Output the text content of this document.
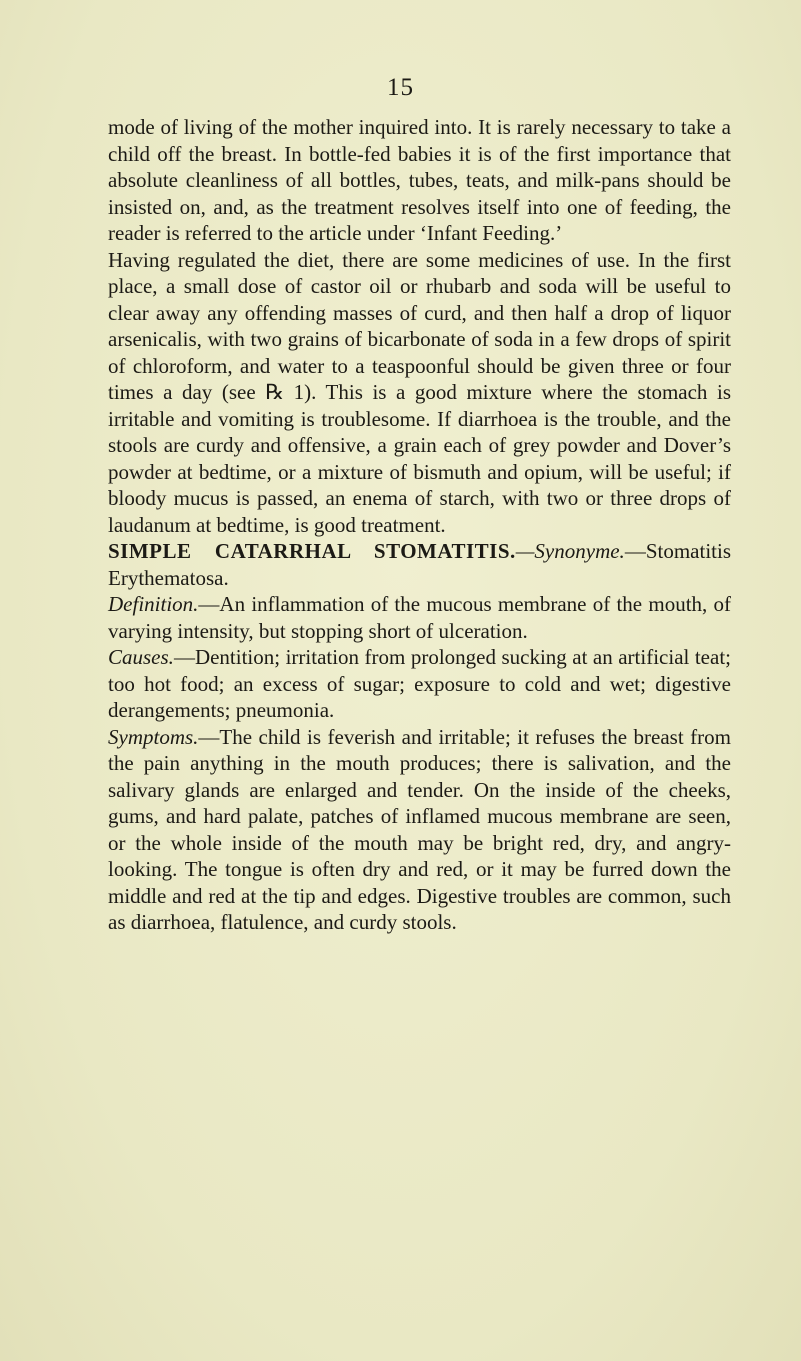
15

mode of living of the mother inquired into. It is rarely necessary to take a child off the breast. In bottle-fed babies it is of the first importance that absolute cleanliness of all bottles, tubes, teats, and milk-pans should be insisted on, and, as the treatment resolves itself into one of feeding, the reader is referred to the article under ‘Infant Feeding.’

Having regulated the diet, there are some medicines of use. In the first place, a small dose of castor oil or rhubarb and soda will be useful to clear away any offending masses of curd, and then half a drop of liquor arsenicalis, with two grains of bicarbonate of soda in a few drops of spirit of chloroform, and water to a teaspoonful should be given three or four times a day (see ℞ 1). This is a good mixture where the stomach is irritable and vomiting is troublesome. If diarrhoea is the trouble, and the stools are curdy and offensive, a grain each of grey powder and Dover’s powder at bedtime, or a mixture of bismuth and opium, will be useful; if bloody mucus is passed, an enema of starch, with two or three drops of laudanum at bedtime, is good treatment.

SIMPLE CATARRHAL STOMATITIS.—Synonyme.—Stomatitis Erythematosa.

Definition.—An inflammation of the mucous membrane of the mouth, of varying intensity, but stopping short of ulceration.

Causes.—Dentition; irritation from prolonged sucking at an artificial teat; too hot food; an excess of sugar; exposure to cold and wet; digestive derangements; pneumonia.

Symptoms.—The child is feverish and irritable; it refuses the breast from the pain anything in the mouth produces; there is salivation, and the salivary glands are enlarged and tender. On the inside of the cheeks, gums, and hard palate, patches of inflamed mucous membrane are seen, or the whole inside of the mouth may be bright red, dry, and angry-looking. The tongue is often dry and red, or it may be furred down the middle and red at the tip and edges. Digestive troubles are common, such as diarrhoea, flatulence, and curdy stools.
